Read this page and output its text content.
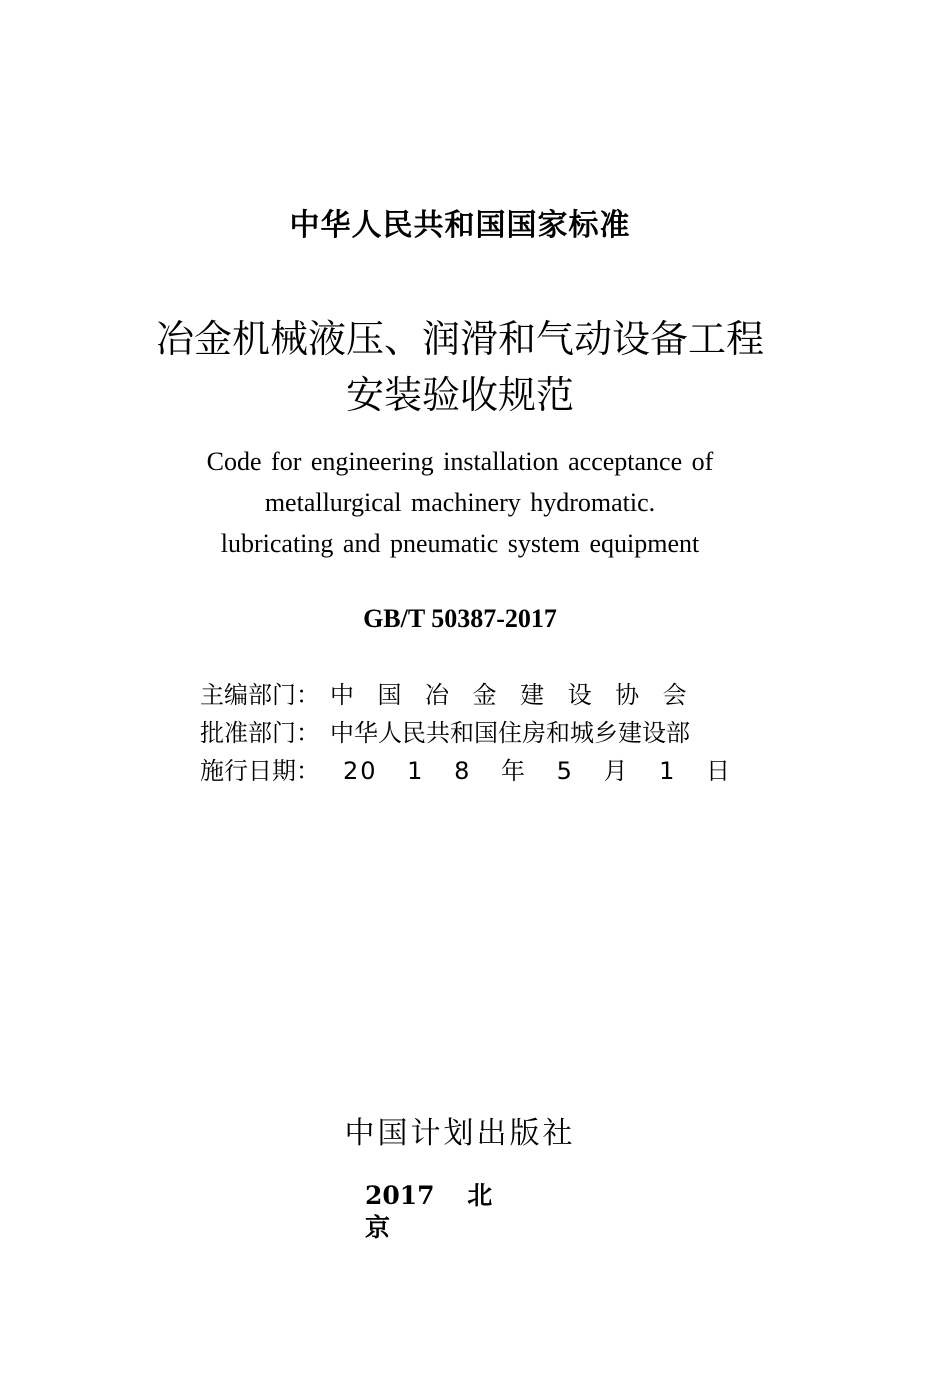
中华人民共和国国家标准
冶金机械液压、润滑和气动设备工程
安装验收规范
Code for engineering installation acceptance of
metallurgical machinery hydromatic.
lubricating and pneumatic system equipment
GB/T 50387-2017
主编部门： 中国冶金建设协会
批准部门： 中华人民共和国住房和城乡建设部
施行日期： 20 1 8 年 5 月 1 日
中国计划出版社
2017 北京
